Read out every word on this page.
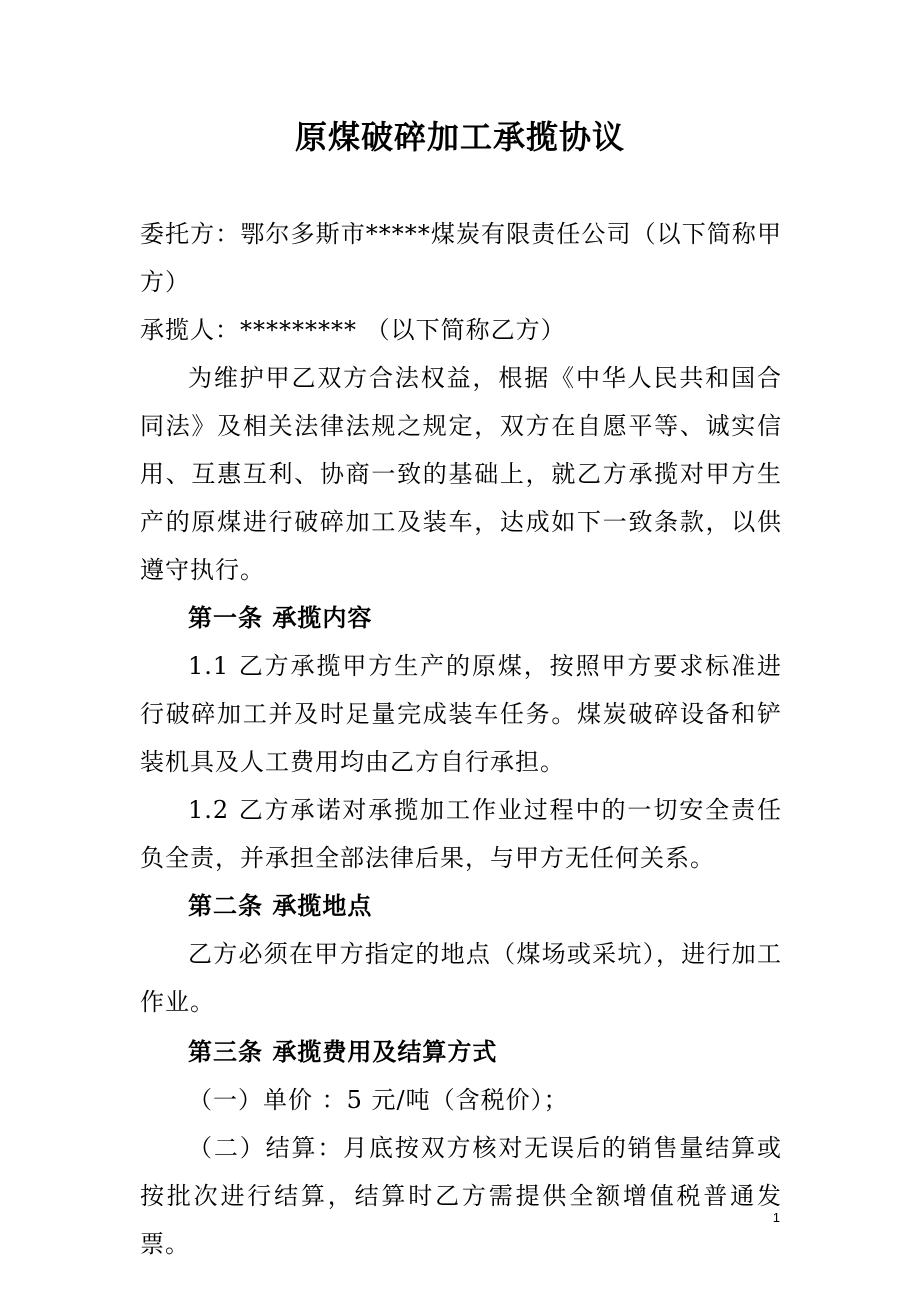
原煤破碎加工承揽协议

委托方：鄂尔多斯市*****煤炭有限责任公司（以下简称甲方）

承揽人：********* （以下简称乙方）

为维护甲乙双方合法权益，根据《中华人民共和国合同法》及相关法律法规之规定，双方在自愿平等、诚实信用、互惠互利、协商一致的基础上，就乙方承揽对甲方生产的原煤进行破碎加工及装车，达成如下一致条款，以供遵守执行。

第一条 承揽内容

1.1 乙方承揽甲方生产的原煤，按照甲方要求标准进行破碎加工并及时足量完成装车任务。煤炭破碎设备和铲装机具及人工费用均由乙方自行承担。

1.2 乙方承诺对承揽加工作业过程中的一切安全责任负全责，并承担全部法律后果，与甲方无任何关系。

第二条 承揽地点

乙方必须在甲方指定的地点（煤场或采坑），进行加工作业。

第三条 承揽费用及结算方式

（一）单价 ：5 元/吨（含税价）；

（二）结算：月底按双方核对无误后的销售量结算或按批次进行结算，结算时乙方需提供全额增值税普通发票。

1
